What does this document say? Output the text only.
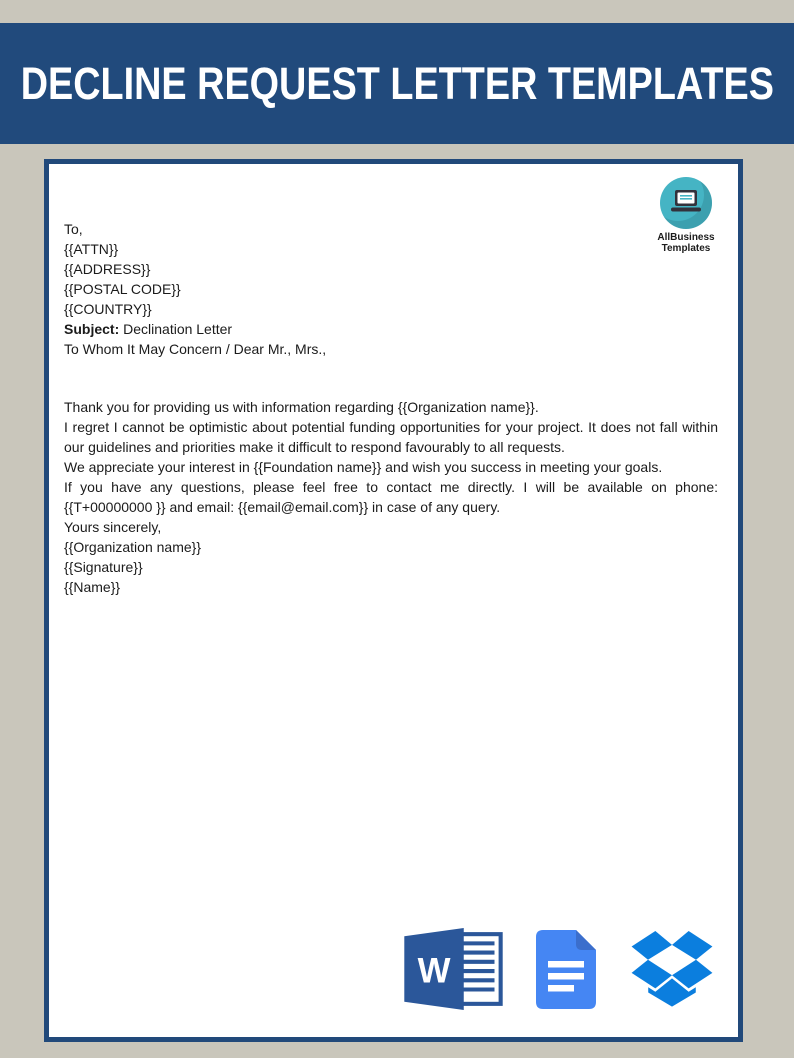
DECLINE REQUEST LETTER TEMPLATES
AllBusiness
Templates
To,
{{ATTN}}
{{ADDRESS}}
{{POSTAL CODE}}
{{COUNTRY}}

Subject: Declination Letter

To Whom It May Concern / Dear Mr., Mrs.,

Thank you for providing us with information regarding {{Organization name}}.

I regret I cannot be optimistic about potential funding opportunities for your project. It does not fall within our guidelines and priorities make it difficult to respond favourably to all requests.

We appreciate your interest in {{Foundation name}} and wish you success in meeting your goals.

If you have any questions, please feel free to contact me directly. I will be available on phone: {{T+00000000 }} and email: {{email@email.com}} in case of any query.

Yours sincerely,

{{Organization name}}

{{Signature}}

{{Name}}

W
